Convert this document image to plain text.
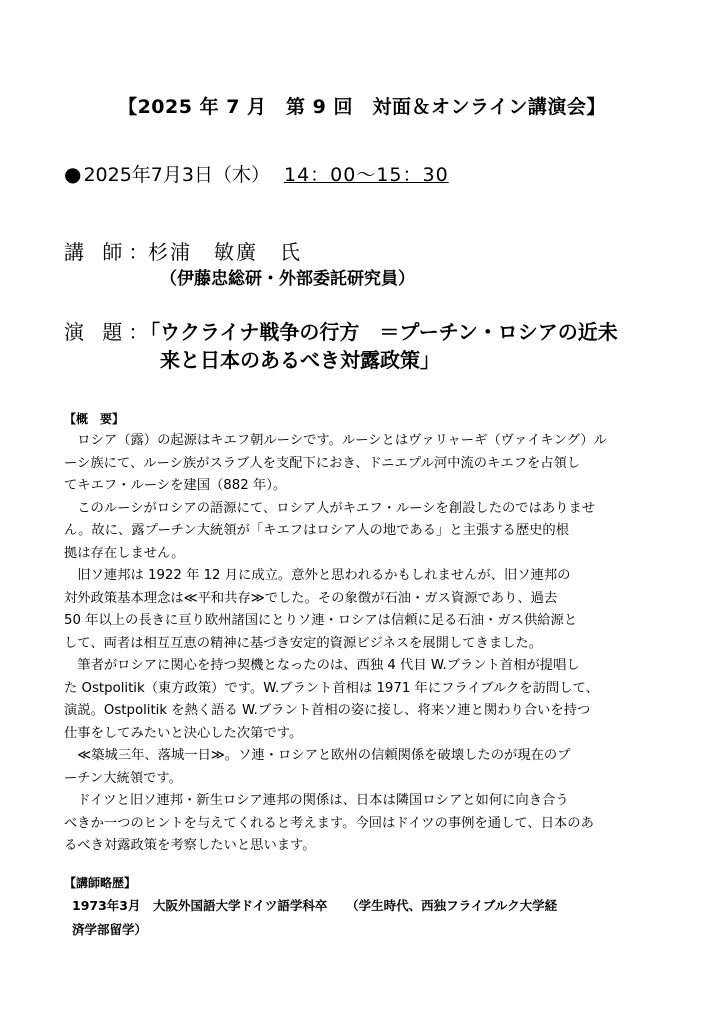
【2025 年 7 月　第 9 回　対面＆オンライン講演会】
● 2025年7月3日（木） 14：00〜15：30
講 師：杉浦　敏廣　氏
（伊藤忠総研・外部委託研究員）
演 題：
「ウクライナ戦争の行方　＝プーチン・ロシアの近未
来と日本のあるべき対露政策」
【概　要】
　ロシア（露）の起源はキエフ朝ルーシです。ルーシとはヴァリャーギ（ヴァイキング）ル
ーシ族にて、ルーシ族がスラブ人を支配下におき、ドニエプル河中流のキエフを占領し
てキエフ・ルーシを建国（882 年）。
　このルーシがロシアの語源にて、ロシア人がキエフ・ルーシを創設したのではありませ
ん。故に、露プーチン大統領が「キエフはロシア人の地である」と主張する歴史的根
拠は存在しません。
　旧ソ連邦は 1922 年 12 月に成立。意外と思われるかもしれませんが、旧ソ連邦の
対外政策基本理念は≪平和共存≫でした。その象徴が石油・ガス資源であり、過去
50 年以上の長きに亘り欧州諸国にとりソ連・ロシアは信頼に足る石油・ガス供給源と
して、両者は相互互恵の精神に基づき安定的資源ビジネスを展開してきました。
　筆者がロシアに関心を持つ契機となったのは、西独 4 代目 W.ブラント首相が提唱し
た Ostpolitik（東方政策）です。W.ブラント首相は 1971 年にフライブルクを訪問して、
演説。Ostpolitik を熱く語る W.ブラント首相の姿に接し、将来ソ連と関わり合いを持つ
仕事をしてみたいと決心した次第です。
　≪築城三年、落城一日≫。ソ連・ロシアと欧州の信頼関係を破壊したのが現在のプ
ーチン大統領です。
　ドイツと旧ソ連邦・新生ロシア連邦の関係は、日本は隣国ロシアと如何に向き合う
べきか一つのヒントを与えてくれると考えます。今回はドイツの事例を通して、日本のあ
るべき対露政策を考察したいと思います。
【講師略歴】
1973年3月　大阪外国語大学ドイツ語学科卒　　（学生時代、西独フライブルク大学経
済学部留学）
